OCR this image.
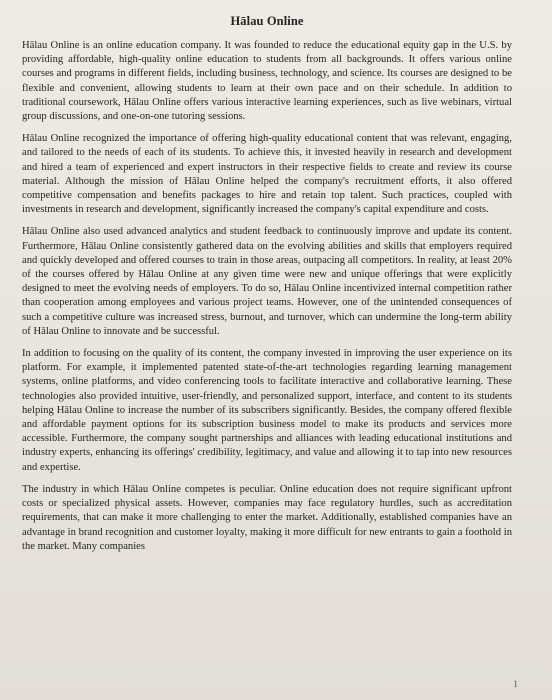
Hālau Online

Hālau Online is an online education company. It was founded to reduce the educational equity gap in the U.S. by providing affordable, high-quality online education to students from all backgrounds. It offers various online courses and programs in different fields, including business, technology, and science. Its courses are designed to be flexible and convenient, allowing students to learn at their own pace and on their schedule. In addition to traditional coursework, Hālau Online offers various interactive learning experiences, such as live webinars, virtual group discussions, and one-on-one tutoring sessions.

Hālau Online recognized the importance of offering high-quality educational content that was relevant, engaging, and tailored to the needs of each of its students. To achieve this, it invested heavily in research and development and hired a team of experienced and expert instructors in their respective fields to create and review its course material. Although the mission of Hālau Online helped the company's recruitment efforts, it also offered competitive compensation and benefits packages to hire and retain top talent. Such practices, coupled with investments in research and development, significantly increased the company's capital expenditure and costs.

Hālau Online also used advanced analytics and student feedback to continuously improve and update its content. Furthermore, Hālau Online consistently gathered data on the evolving abilities and skills that employers required and quickly developed and offered courses to train in those areas, outpacing all competitors. In reality, at least 20% of the courses offered by Hālau Online at any given time were new and unique offerings that were explicitly designed to meet the evolving needs of employers. To do so, Hālau Online incentivized internal competition rather than cooperation among employees and various project teams. However, one of the unintended consequences of such a competitive culture was increased stress, burnout, and turnover, which can undermine the long-term ability of Hālau Online to innovate and be successful.

In addition to focusing on the quality of its content, the company invested in improving the user experience on its platform. For example, it implemented patented state-of-the-art technologies regarding learning management systems, online platforms, and video conferencing tools to facilitate interactive and collaborative learning. These technologies also provided intuitive, user-friendly, and personalized support, interface, and content to its students helping Hālau Online to increase the number of its subscribers significantly. Besides, the company offered flexible and affordable payment options for its subscription business model to make its products and services more accessible. Furthermore, the company sought partnerships and alliances with leading educational institutions and industry experts, enhancing its offerings' credibility, legitimacy, and value and allowing it to tap into new resources and expertise.

The industry in which Hālau Online competes is peculiar. Online education does not require significant upfront costs or specialized physical assets. However, companies may face regulatory hurdles, such as accreditation requirements, that can make it more challenging to enter the market. Additionally, established companies have an advantage in brand recognition and customer loyalty, making it more difficult for new entrants to gain a foothold in the market. Many companies

1
